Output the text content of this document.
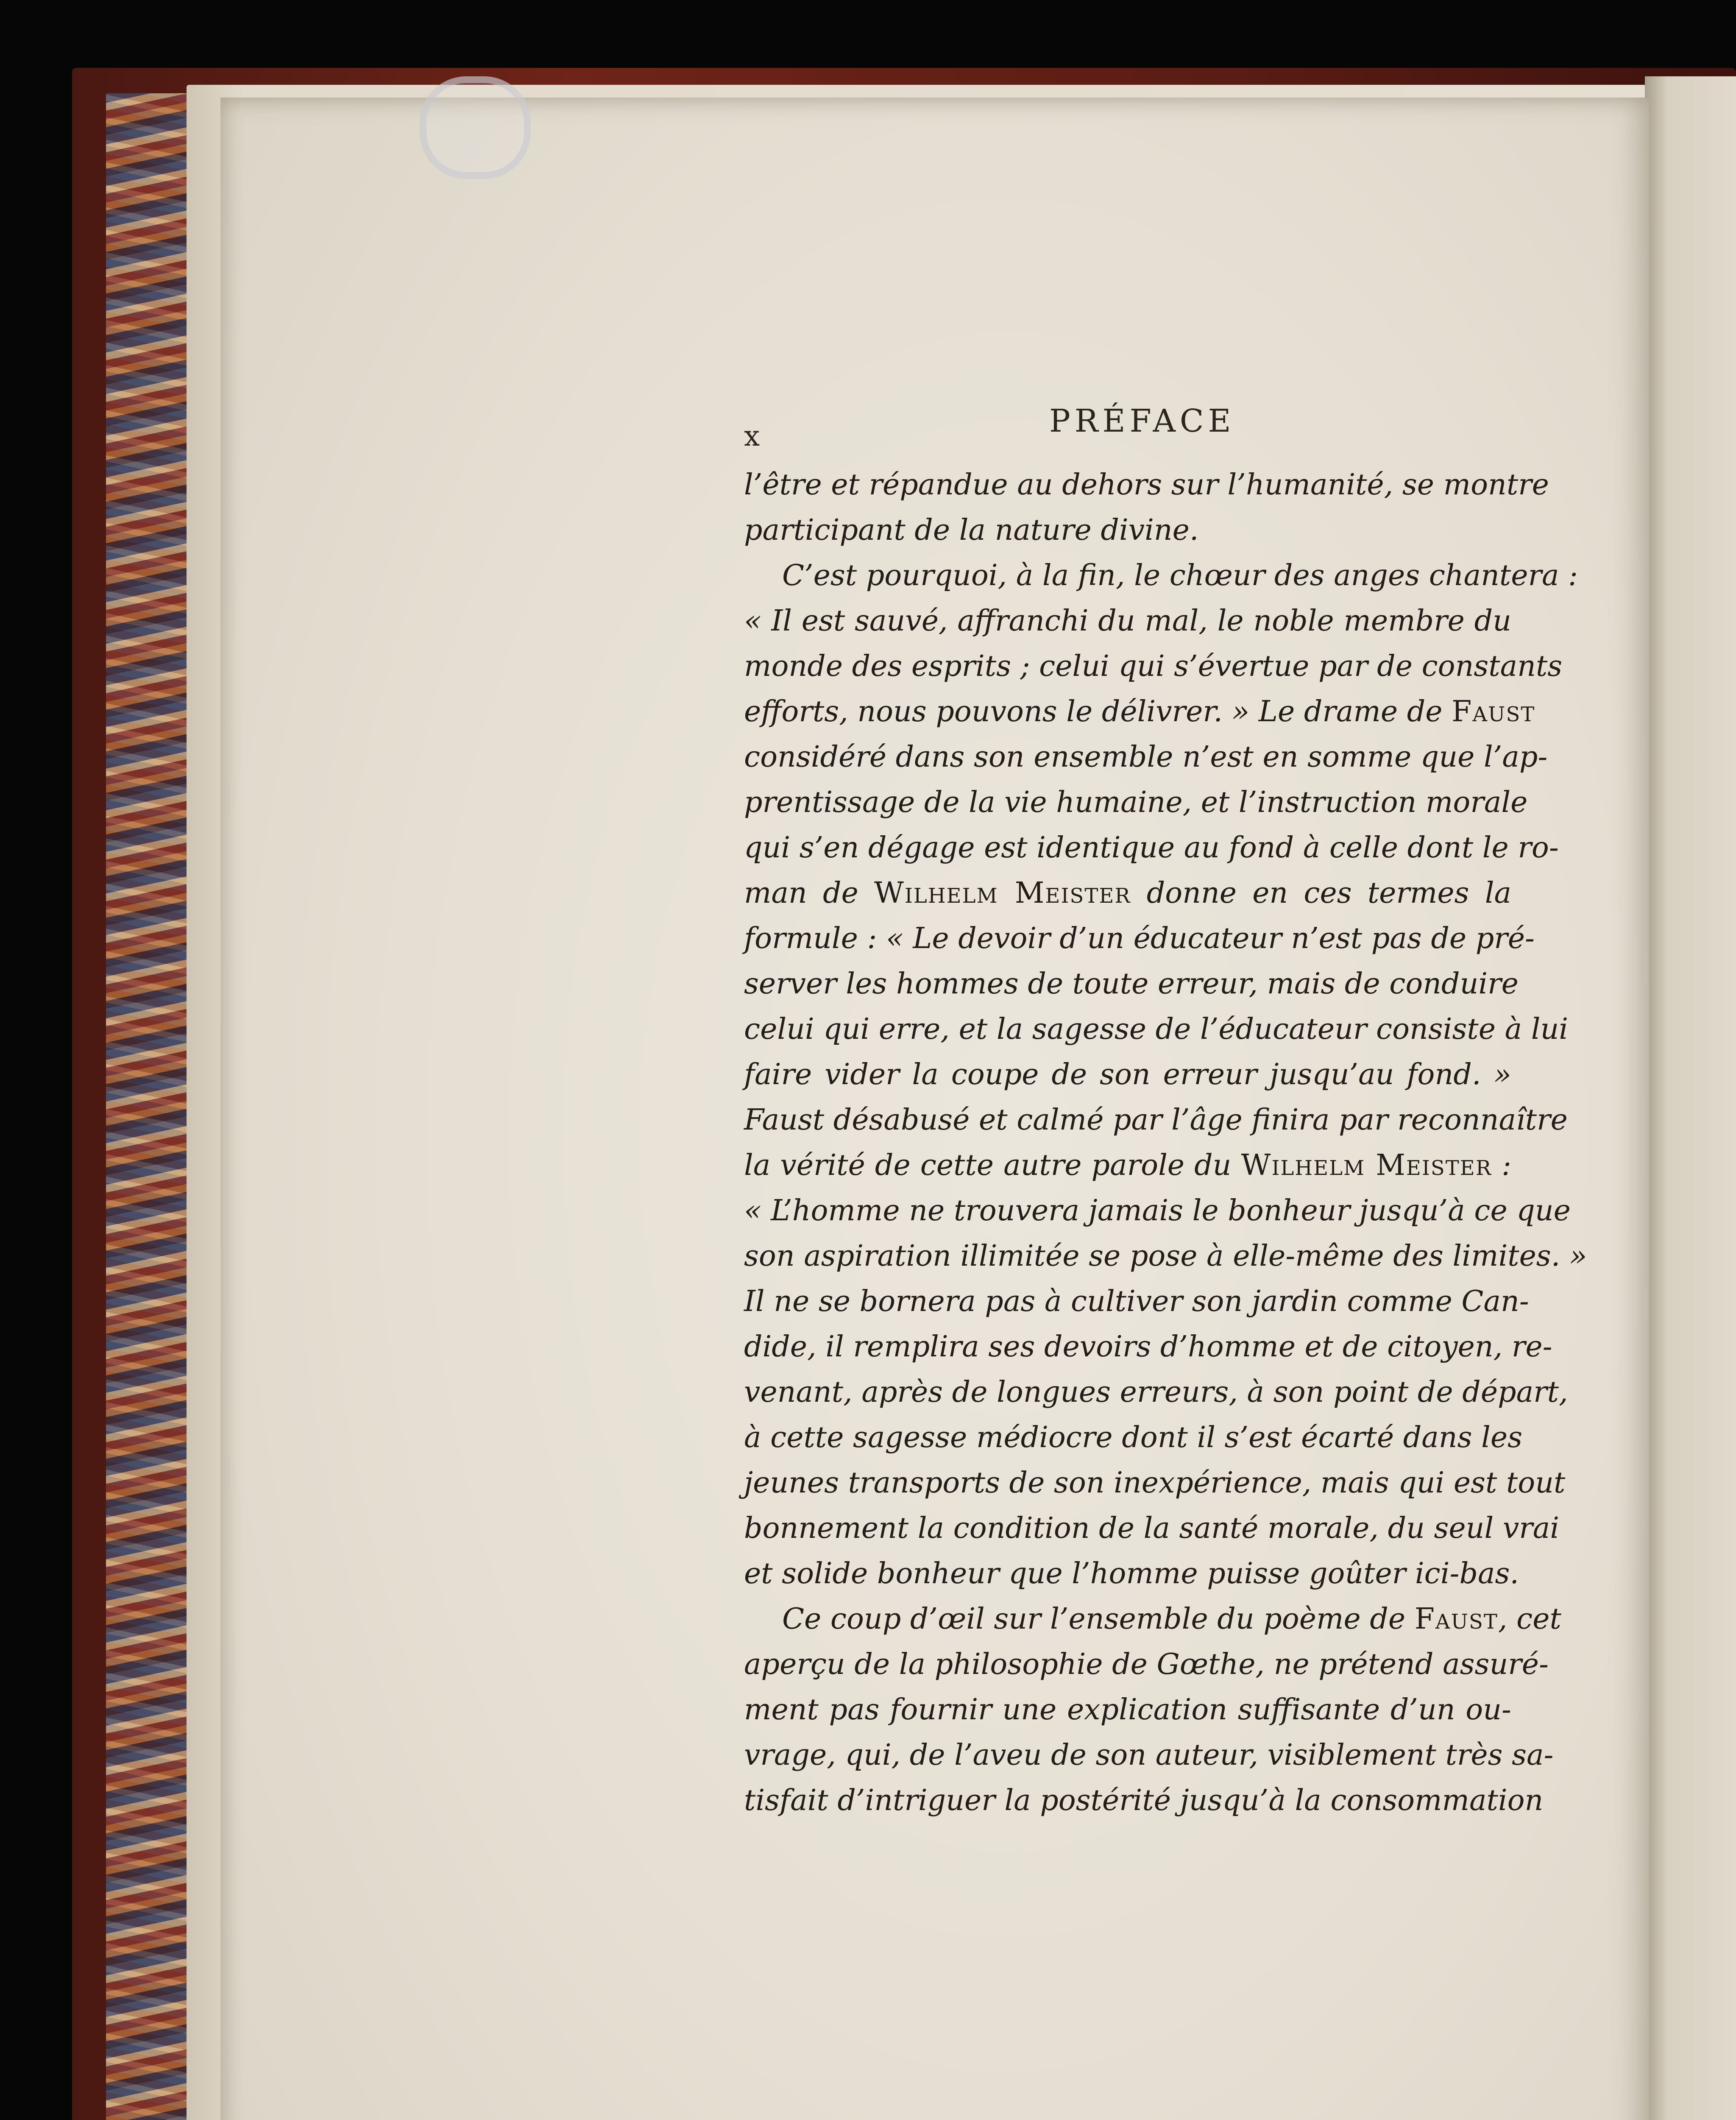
x	PRÉFACE
l’être et répandue au dehors sur l’humanité, se montre
participant de la nature divine.
C’est pourquoi, à la fin, le chœur des anges chantera :
« Il est sauvé, affranchi du mal, le noble membre du
monde des esprits ; celui qui s’évertue par de constants
efforts, nous pouvons le délivrer. » Le drame de Faust
considéré dans son ensemble n’est en somme que l’ap-
prentissage de la vie humaine, et l’instruction morale
qui s’en dégage est identique au fond à celle dont le ro-
man de Wilhelm Meister donne en ces termes la
formule : « Le devoir d’un éducateur n’est pas de pré-
server les hommes de toute erreur, mais de conduire
celui qui erre, et la sagesse de l’éducateur consiste à lui
faire vider la coupe de son erreur jusqu’au fond. »
Faust désabusé et calmé par l’âge finira par reconnaître
la vérité de cette autre parole du Wilhelm Meister :
« L’homme ne trouvera jamais le bonheur jusqu’à ce que
son aspiration illimitée se pose à elle-même des limites. »
Il ne se bornera pas à cultiver son jardin comme Can-
dide, il remplira ses devoirs d’homme et de citoyen, re-
venant, après de longues erreurs, à son point de départ,
à cette sagesse médiocre dont il s’est écarté dans les
jeunes transports de son inexpérience, mais qui est tout
bonnement la condition de la santé morale, du seul vrai
et solide bonheur que l’homme puisse goûter ici-bas.
Ce coup d’œil sur l’ensemble du poème de Faust, cet
aperçu de la philosophie de Gœthe, ne prétend assuré-
ment pas fournir une explication suffisante d’un ou-
vrage, qui, de l’aveu de son auteur, visiblement très sa-
tisfait d’intriguer la postérité jusqu’à la consommation
